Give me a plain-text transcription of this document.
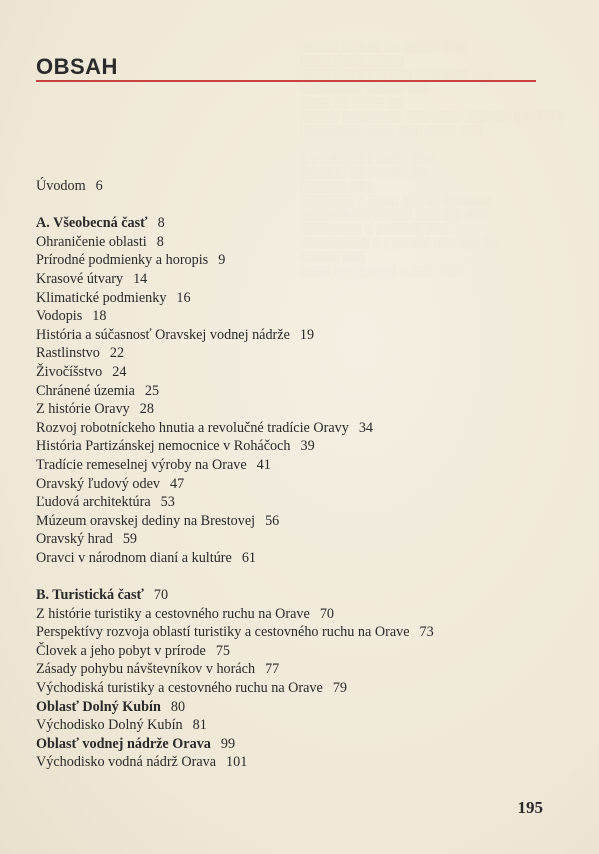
░░░░░ ░░░░░ ░░ ░░░░░ ░░░
░░░░░░░ ░░░░░░
░░░░░░░ ░░░░░░░ ░░░░░░░ ░░░
░░░░░░░░ ░░░░░ ░░░
░░░░ ░░ ░░░░ ░░
░░░░░ ░░░░░░░░ ░░░░░░░ ░░░░░░ ░░ ░░░░
░░░░░░░░ ░░░░ ░░░ ░░░░ ░░░

░ ░░░░░░░░ ░░░░ ░░░
░░░░░░ ░░ ░░░░░ ░░
░░░░░░ ░░░
░░░░░░░ ░ ░░░░ ░░░░░ ░░░░░░
░░░░░░░░░ ░░░░░ ░░░░░░ ░░░
░░░░░░░░ ░ ░░░░░░ ░░░
░░░░░░░░░ ░ ░░░░░░ ░░░░░░ ░░
░░░░░ ░░░
░░░░ ░░░░░░░░ ░░░░░ ░░░
OBSAH
Úvodom 6
A. Všeobecná časť 8
Ohraničenie oblasti 8
Prírodné podmienky a horopis 9
Krasové útvary 14
Klimatické podmienky 16
Vodopis 18
História a súčasnosť Oravskej vodnej nádrže 19
Rastlinstvo 22
Živočíšstvo 24
Chránené územia 25
Z histórie Oravy 28
Rozvoj robotníckeho hnutia a revolučné tradície Oravy 34
História Partizánskej nemocnice v Roháčoch 39
Tradície remeselnej výroby na Orave 41
Oravský ľudový odev 47
Ľudová architektúra 53
Múzeum oravskej dediny na Brestovej 56
Oravský hrad 59
Oravci v národnom dianí a kultúre 61
B. Turistická časť 70
Z histórie turistiky a cestovného ruchu na Orave 70
Perspektívy rozvoja oblastí turistiky a cestovného ruchu na Orave 73
Človek a jeho pobyt v prírode 75
Zásady pohybu návštevníkov v horách 77
Východiská turistiky a cestovného ruchu na Orave 79
Oblasť Dolný Kubín 80
Východisko Dolný Kubín 81
Oblasť vodnej nádrže Orava 99
Východisko vodná nádrž Orava 101
195
